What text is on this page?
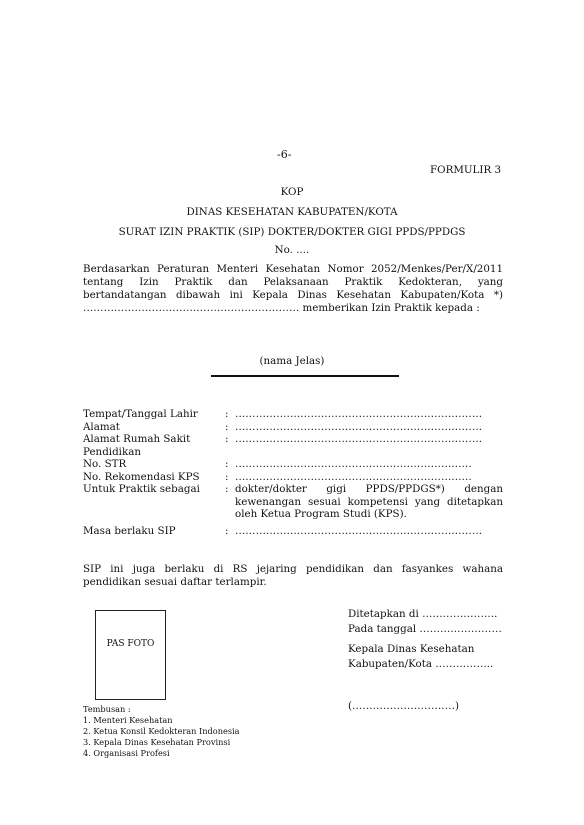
-6-
FORMULIR 3
KOP
DINAS KESEHATAN KABUPATEN/KOTA
SURAT IZIN PRAKTIK (SIP) DOKTER/DOKTER GIGI PPDS/PPDGS
No. ....
Berdasarkan Peraturan Menteri Kesehatan Nomor 2052/Menkes/Per/X/2011
tentang Izin Praktik dan Pelaksanaan Praktik Kedokteran, yang
bertandatangan dibawah ini Kepala Dinas Kesehatan Kabupaten/Kota *)
……………………………………………………… memberikan Izin Praktik kepada :
(nama Jelas)
Tempat/Tanggal Lahir	: ………………………………………………………………
Alamat	: ………………………………………………………………
Alamat Rumah Sakit	: ………………………………………………………………
Pendidikan
No. STR	: ……………………………………………………………
No. Rekomendasi KPS	: ……………………………………………………………
Untuk Praktik sebagai	: dokter/dokter gigi PPDS/PPDGS*) dengan kewenangan sesuai kompetensi yang ditetapkan oleh Ketua Program Studi (KPS).
Masa berlaku SIP	: ………………………………………………………………
SIP ini juga berlaku di RS jejaring pendidikan dan fasyankes wahana
pendidikan sesuai daftar terlampir.
PAS FOTO
Ditetapkan di ………………….
Pada tanggal ……………………
Kepala Dinas Kesehatan
Kabupaten/Kota ……………..
(…………………………)
Tembusan :
1. Menteri Kesehatan
2. Ketua Konsil Kedokteran Indonesia
3. Kepala Dinas Kesehatan Provinsi
4. Organisasi Profesi
